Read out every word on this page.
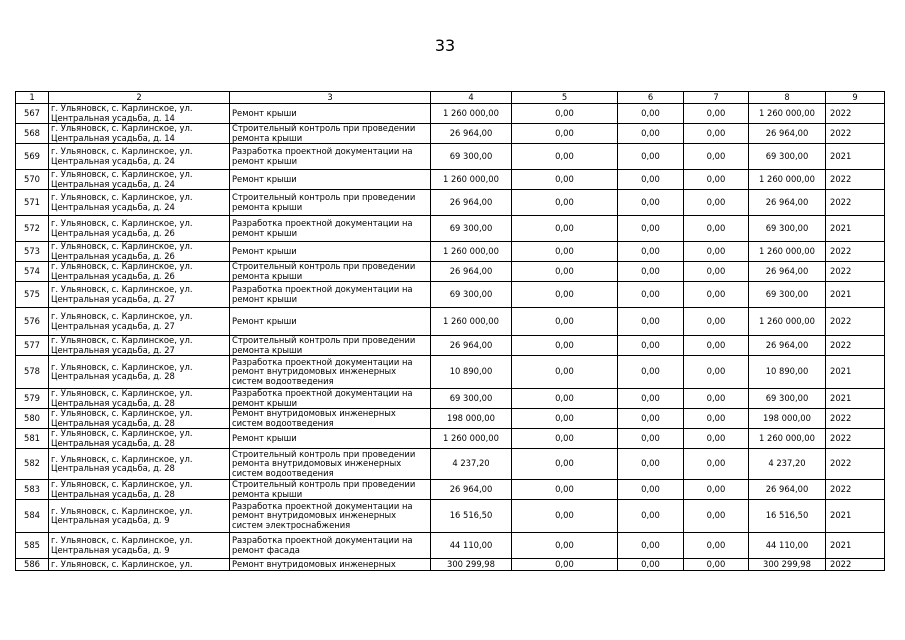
33
1	2	3	4	5	6	7	8	9
567	г. Ульяновск, с. Карлинское, ул. Центральная усадьба, д. 14	Ремонт крыши	1 260 000,00	0,00	0,00	0,00	1 260 000,00	2022
568	г. Ульяновск, с. Карлинское, ул. Центральная усадьба, д. 14	Строительный контроль при проведении ремонта крыши	26 964,00	0,00	0,00	0,00	26 964,00	2022
569	г. Ульяновск, с. Карлинское, ул. Центральная усадьба, д. 24	Разработка проектной документации на ремонт крыши	69 300,00	0,00	0,00	0,00	69 300,00	2021
570	г. Ульяновск, с. Карлинское, ул. Центральная усадьба, д. 24	Ремонт крыши	1 260 000,00	0,00	0,00	0,00	1 260 000,00	2022
571	г. Ульяновск, с. Карлинское, ул. Центральная усадьба, д. 24	Строительный контроль при проведении ремонта крыши	26 964,00	0,00	0,00	0,00	26 964,00	2022
572	г. Ульяновск, с. Карлинское, ул. Центральная усадьба, д. 26	Разработка проектной документации на ремонт крыши	69 300,00	0,00	0,00	0,00	69 300,00	2021
573	г. Ульяновск, с. Карлинское, ул. Центральная усадьба, д. 26	Ремонт крыши	1 260 000,00	0,00	0,00	0,00	1 260 000,00	2022
574	г. Ульяновск, с. Карлинское, ул. Центральная усадьба, д. 26	Строительный контроль при проведении ремонта крыши	26 964,00	0,00	0,00	0,00	26 964,00	2022
575	г. Ульяновск, с. Карлинское, ул. Центральная усадьба, д. 27	Разработка проектной документации на ремонт крыши	69 300,00	0,00	0,00	0,00	69 300,00	2021
576	г. Ульяновск, с. Карлинское, ул. Центральная усадьба, д. 27	Ремонт крыши	1 260 000,00	0,00	0,00	0,00	1 260 000,00	2022
577	г. Ульяновск, с. Карлинское, ул. Центральная усадьба, д. 27	Строительный контроль при проведении ремонта крыши	26 964,00	0,00	0,00	0,00	26 964,00	2022
578	г. Ульяновск, с. Карлинское, ул. Центральная усадьба, д. 28	Разработка проектной документации на ремонт внутридомовых инженерных систем водоотведения	10 890,00	0,00	0,00	0,00	10 890,00	2021
579	г. Ульяновск, с. Карлинское, ул. Центральная усадьба, д. 28	Разработка проектной документации на ремонт крыши	69 300,00	0,00	0,00	0,00	69 300,00	2021
580	г. Ульяновск, с. Карлинское, ул. Центральная усадьба, д. 28	Ремонт внутридомовых инженерных систем водоотведения	198 000,00	0,00	0,00	0,00	198 000,00	2022
581	г. Ульяновск, с. Карлинское, ул. Центральная усадьба, д. 28	Ремонт крыши	1 260 000,00	0,00	0,00	0,00	1 260 000,00	2022
582	г. Ульяновск, с. Карлинское, ул. Центральная усадьба, д. 28	Строительный контроль при проведении ремонта внутридомовых инженерных систем водоотведения	4 237,20	0,00	0,00	0,00	4 237,20	2022
583	г. Ульяновск, с. Карлинское, ул. Центральная усадьба, д. 28	Строительный контроль при проведении ремонта крыши	26 964,00	0,00	0,00	0,00	26 964,00	2022
584	г. Ульяновск, с. Карлинское, ул. Центральная усадьба, д. 9	Разработка проектной документации на ремонт внутридомовых инженерных систем электроснабжения	16 516,50	0,00	0,00	0,00	16 516,50	2021
585	г. Ульяновск, с. Карлинское, ул. Центральная усадьба, д. 9	Разработка проектной документации на ремонт фасада	44 110,00	0,00	0,00	0,00	44 110,00	2021
586	г. Ульяновск, с. Карлинское, ул.	Ремонт внутридомовых инженерных	300 299,98	0,00	0,00	0,00	300 299,98	2022
